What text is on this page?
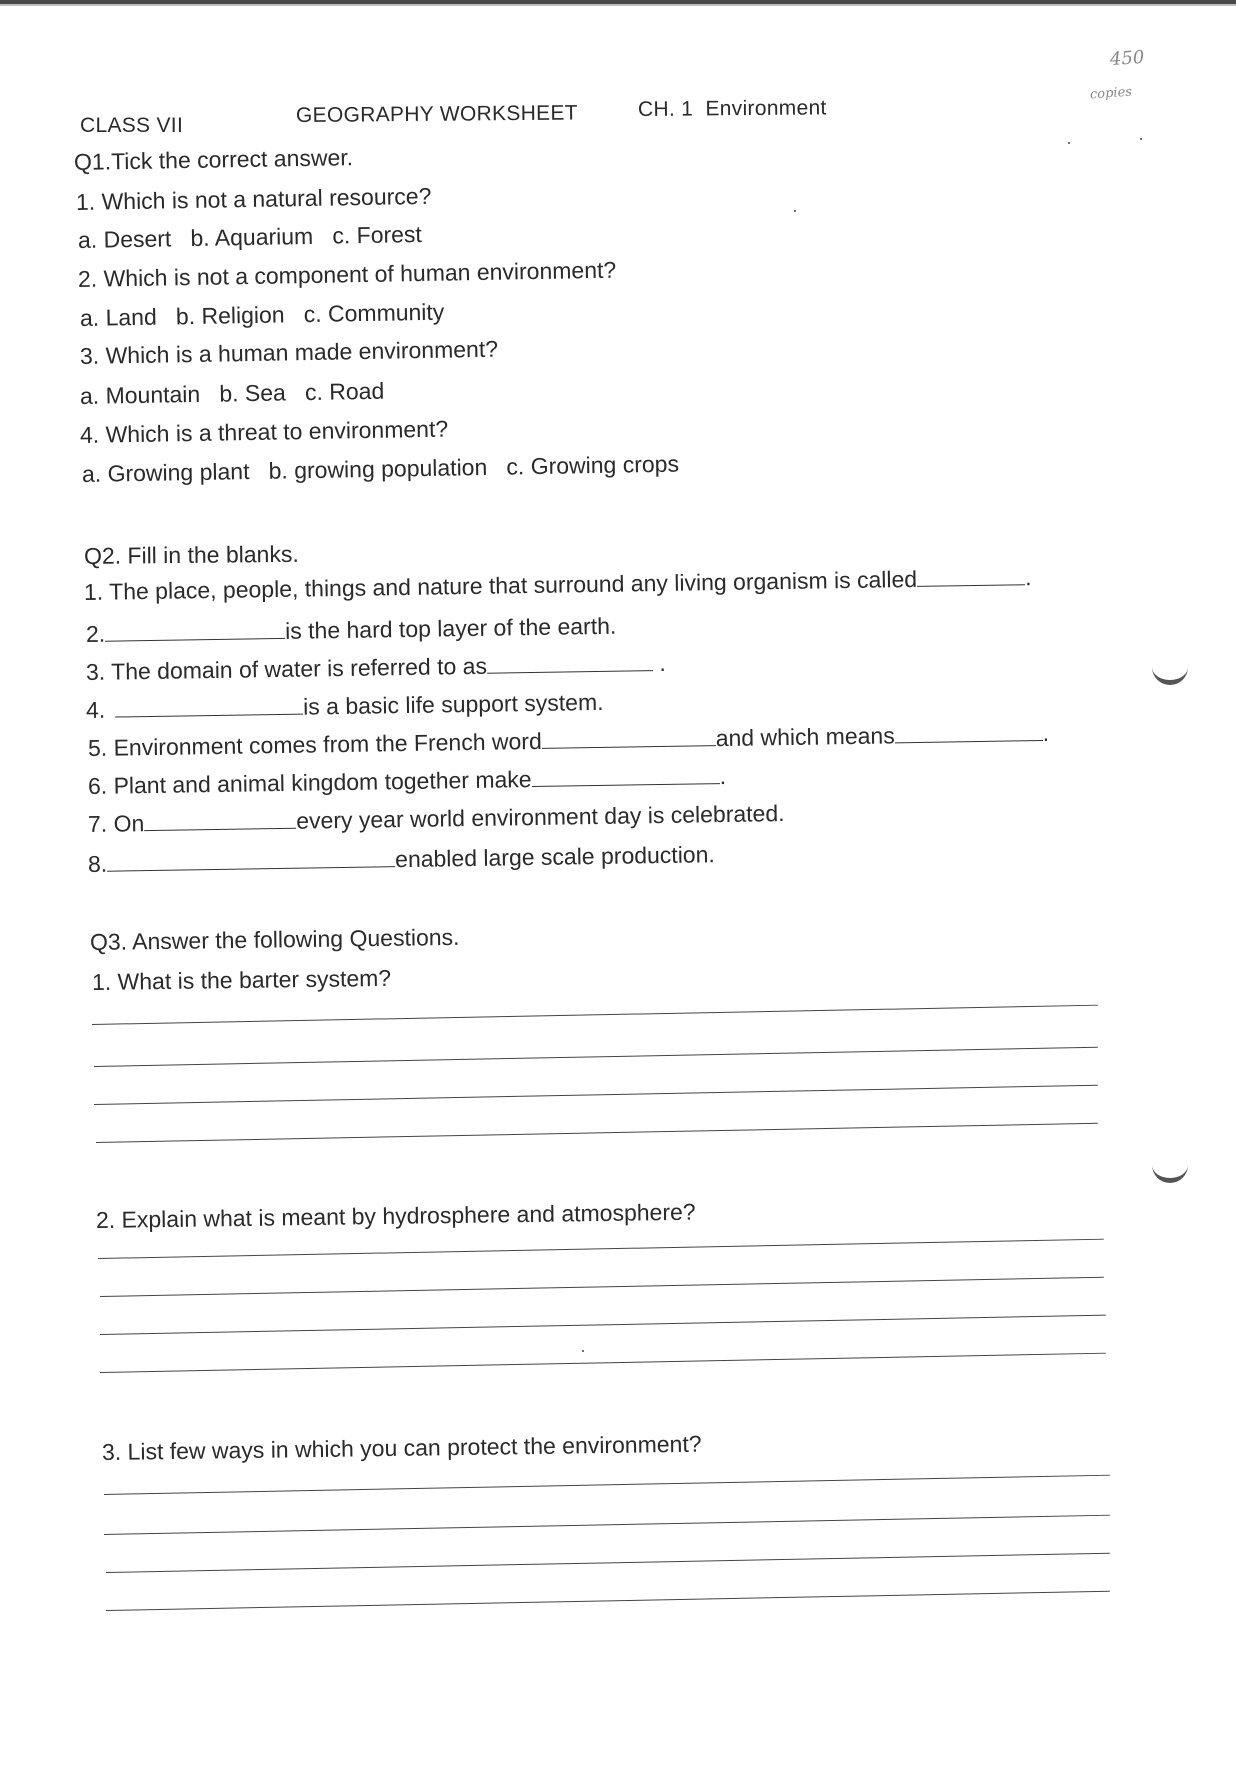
450
copies
CLASS VII	GEOGRAPHY WORKSHEET	CH. 1  Environment
Q1.Tick the correct answer.
1. Which is not a natural resource?
a. Desert   b. Aquarium   c. Forest
2. Which is not a component of human environment?
a. Land   b. Religion   c. Community
3. Which is a human made environment?
a. Mountain   b. Sea   c. Road
4. Which is a threat to environment?
a. Growing plant   b. growing population   c. Growing crops
Q2. Fill in the blanks.
1. The place, people, things and nature that surround any living organism is called	.
2.	is the hard top layer of the earth.
3. The domain of water is referred to as	.
4.	is a basic life support system.
5. Environment comes from the French word	and which means	.
6. Plant and animal kingdom together make	.
7. On	every year world environment day is celebrated.
8.	enabled large scale production.
Q3. Answer the following Questions.
1. What is the barter system?
2. Explain what is meant by hydrosphere and atmosphere?
3. List few ways in which you can protect the environment?
